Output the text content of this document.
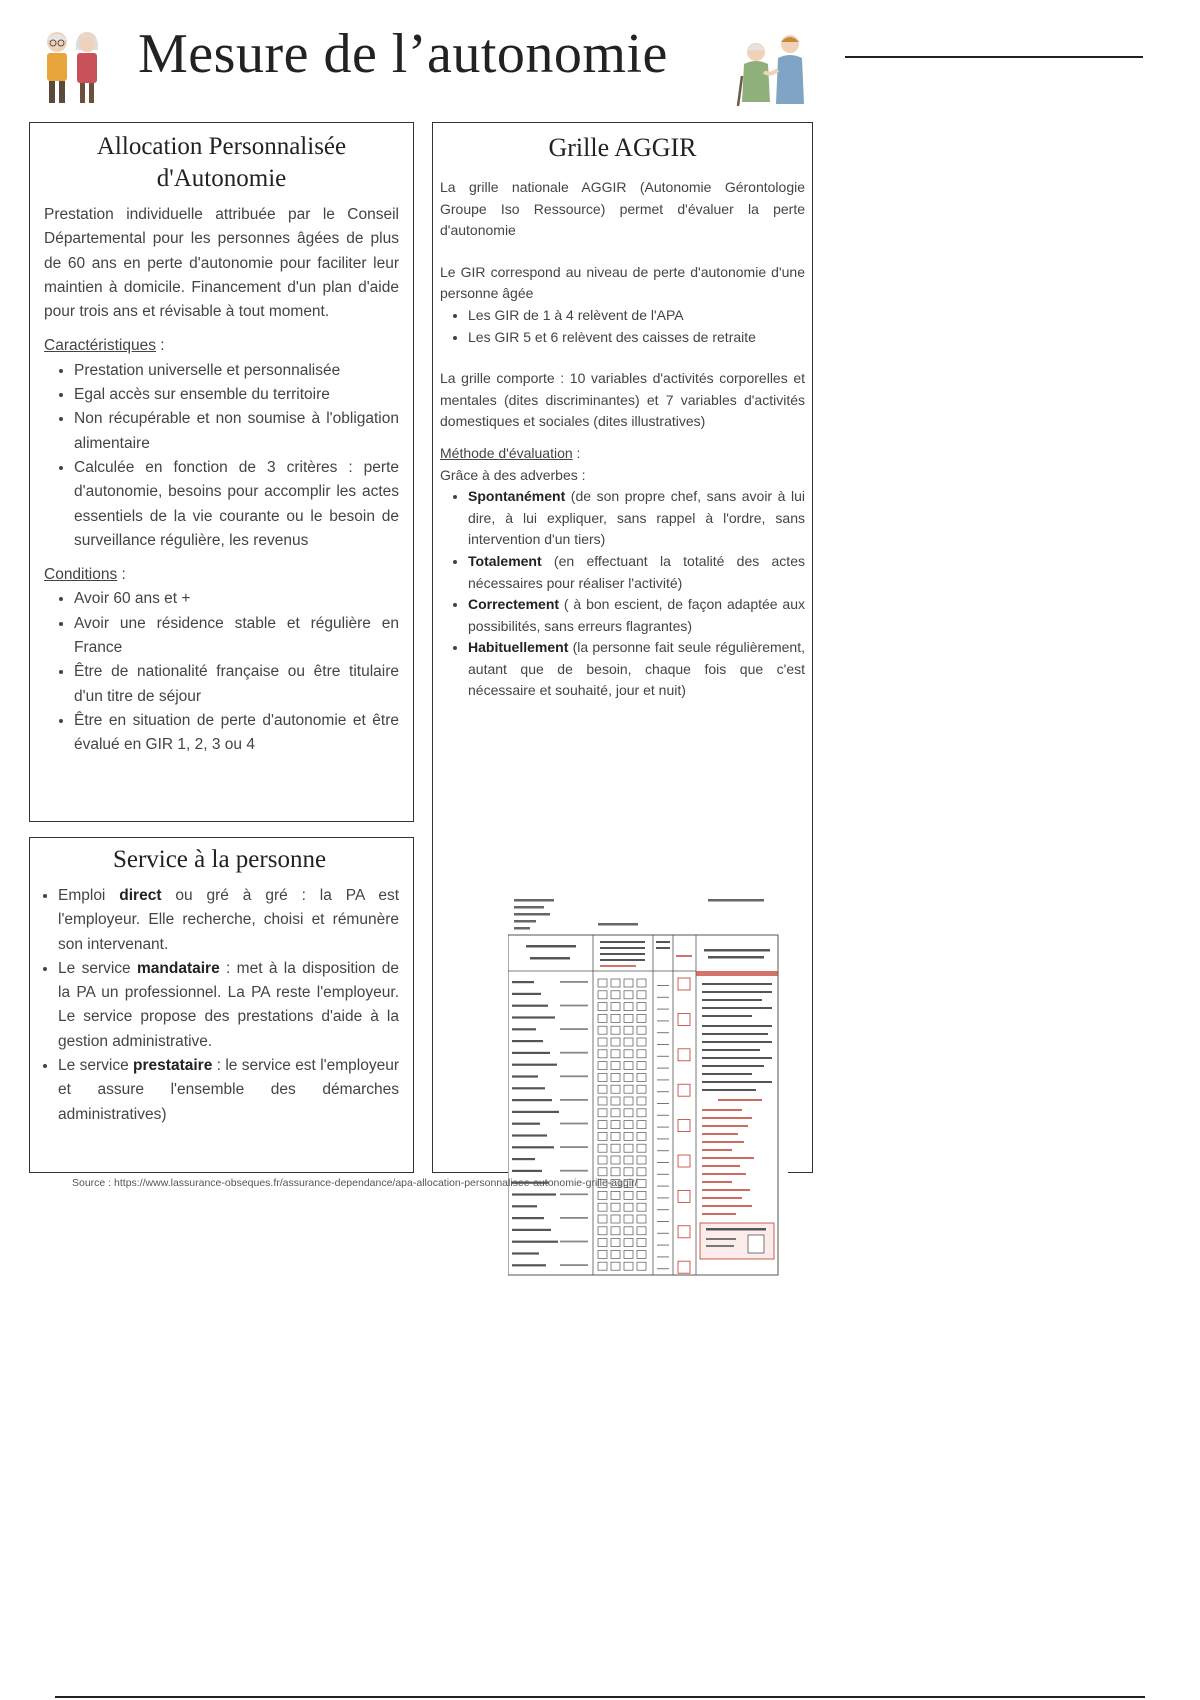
Mesure de l’autonomie
Allocation Personnalisée d'Autonomie

Prestation individuelle attribuée par le Conseil Départemental pour les personnes âgées de plus de 60 ans en perte d'autonomie pour faciliter leur maintien à domicile. Financement d'un plan d'aide pour trois ans et révisable à tout moment.

Caractéristiques :

• Prestation universelle et personnalisée
• Egal accès sur ensemble du territoire
• Non récupérable et non soumise à l'obligation alimentaire
• Calculée en fonction de 3 critères : perte d'autonomie, besoins pour accomplir les actes essentiels de la vie courante ou le besoin de surveillance régulière, les revenus

Conditions :

• Avoir 60 ans et +
• Avoir une résidence stable et régulière en France
• Être de nationalité française ou être titulaire d'un titre de séjour
• Être en situation de perte d'autonomie et être évalué en GIR 1, 2, 3 ou 4
Service à la personne
• Emploi direct ou gré à gré : la PA est l'employeur. Elle recherche, choisi et rémunère son intervenant.
• Le service mandataire : met à la disposition de la PA un professionnel. La PA reste l'employeur. Le service propose des prestations d'aide à la gestion administrative.
• Le service prestataire : le service est l'employeur et assure l'ensemble des démarches administratives)
Grille AGGIR

La grille nationale AGGIR (Autonomie Gérontologie Groupe Iso Ressource) permet d'évaluer la perte d'autonomie

Le GIR correspond au niveau de perte d'autonomie d'une personne âgée

• Les GIR de 1 à 4 relèvent de l'APA
• Les GIR 5 et 6 relèvent des caisses de retraite

La grille comporte : 10 variables d'activités corporelles et mentales (dites discriminantes) et 7 variables d'activités domestiques et sociales (dites illustratives)

Méthode d'évaluation :

Grâce à des adverbes :

• Spontanément (de son propre chef, sans avoir à lui dire, à lui expliquer, sans rappel à l'ordre, sans intervention d'un tiers)
• Totalement (en effectuant la totalité des actes nécessaires pour réaliser l'activité)
• Correctement ( à bon escient, de façon adaptée aux possibilités, sans erreurs flagrantes)
• Habituellement (la personne fait seule régulièrement, autant que de besoin, chaque fois que c'est nécessaire et souhaité, jour et nuit)
Source : https://www.lassurance-obseques.fr/assurance-dependance/apa-allocation-personnalisee-autonomie-grille-aggir/
